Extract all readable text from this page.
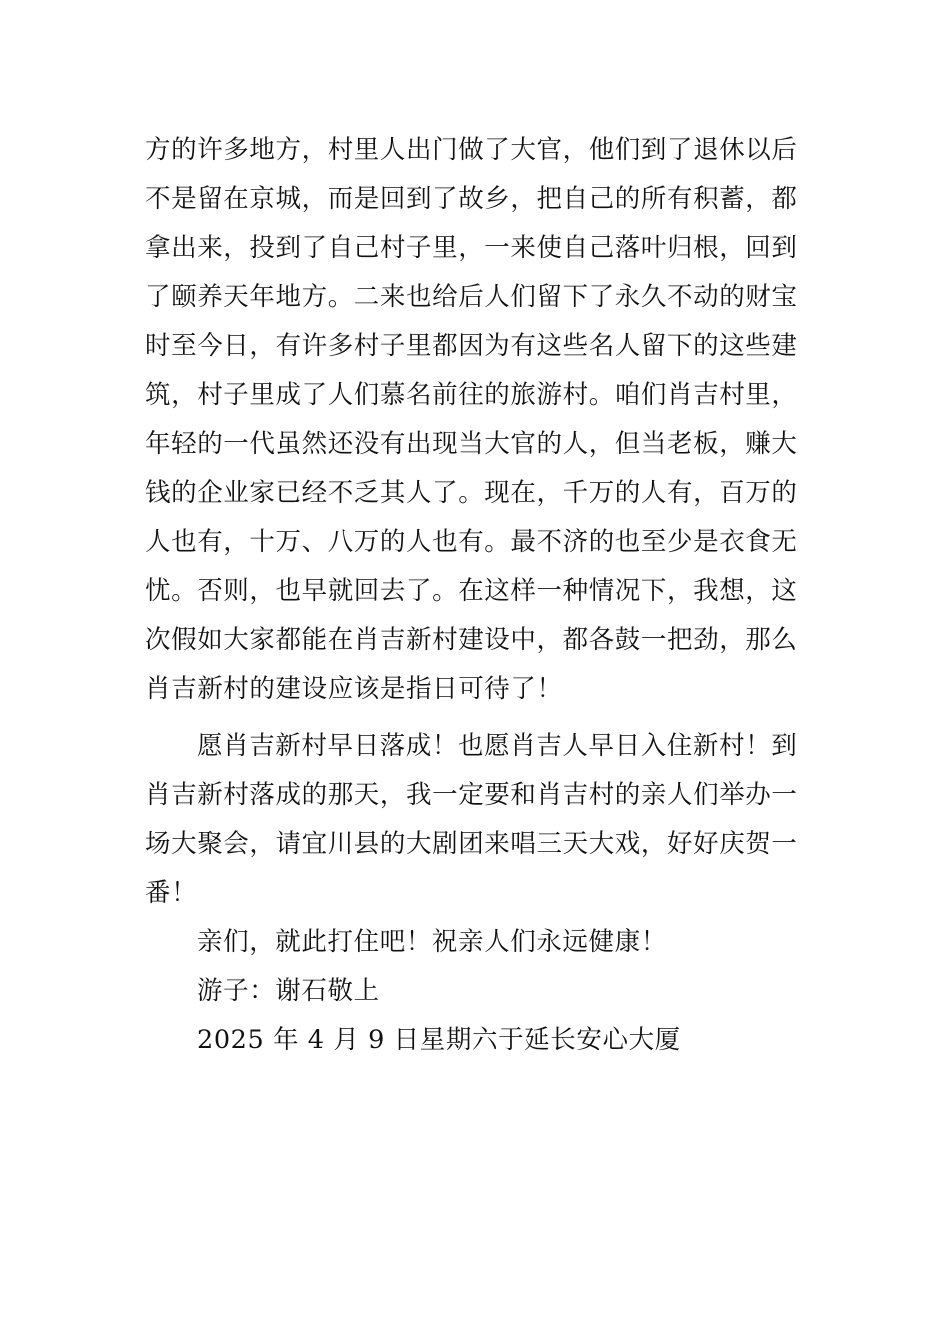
方的许多地方，村里人出门做了大官，他们到了退休以后
不是留在京城，而是回到了故乡，把自己的所有积蓄，都
拿出来，投到了自己村子里，一来使自己落叶归根，回到
了颐养天年地方。二来也给后人们留下了永久不动的财宝
时至今日，有许多村子里都因为有这些名人留下的这些建
筑，村子里成了人们慕名前往的旅游村。咱们肖吉村里，
年轻的一代虽然还没有出现当大官的人，但当老板，赚大
钱的企业家已经不乏其人了。现在，千万的人有，百万的
人也有，十万、八万的人也有。最不济的也至少是衣食无
忧。否则，也早就回去了。在这样一种情况下，我想，这
次假如大家都能在肖吉新村建设中，都各鼓一把劲，那么
肖吉新村的建设应该是指日可待了！
愿肖吉新村早日落成！也愿肖吉人早日入住新村！到
肖吉新村落成的那天，我一定要和肖吉村的亲人们举办一
场大聚会，请宜川县的大剧团来唱三天大戏，好好庆贺一
番！
亲们，就此打住吧！祝亲人们永远健康！
游子：谢石敬上
2025 年 4 月 9 日星期六于延长安心大厦
